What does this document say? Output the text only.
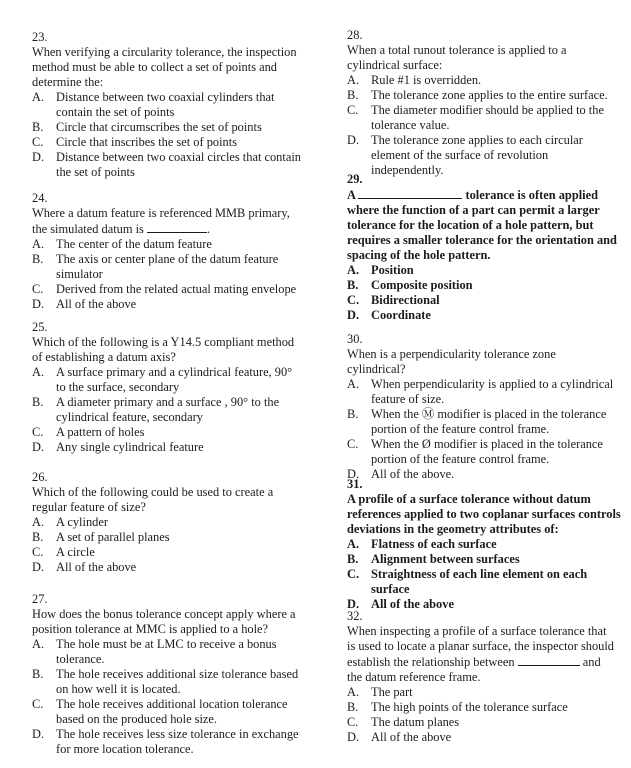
23.
When verifying a circularity tolerance, the inspection method must be able to collect a set of points and determine the:
A. Distance between two coaxial cylinders that contain the set of points
B. Circle that circumscribes the set of points
C. Circle that inscribes the set of points
D. Distance between two coaxial circles that contain the set of points
24.
Where a datum feature is referenced MMB primary, the simulated datum is	.
A. The center of the datum feature
B. The axis or center plane of the datum feature simulator
C. Derived from the related actual mating envelope
D. All of the above
25.
Which of the following is a Y14.5 compliant method of establishing a datum axis?
A. A surface primary and a cylindrical feature, 90° to the surface, secondary
B. A diameter primary and a surface , 90° to the cylindrical feature, secondary
C. A pattern of holes
D. Any single cylindrical feature
26.
Which of the following could be used to create a regular feature of size?
A. A cylinder
B. A set of parallel planes
C. A circle
D. All of the above
27.
How does the bonus tolerance concept apply where a position tolerance at MMC is applied to a hole?
A. The hole must be at LMC to receive a bonus tolerance.
B. The hole receives additional size tolerance based on how well it is located.
C. The hole receives additional location tolerance based on the produced hole size.
D. The hole receives less size tolerance in exchange for more location tolerance.
28.
When a total runout tolerance is applied to a cylindrical surface:
A. Rule #1 is overridden.
B. The tolerance zone applies to the entire surface.
C. The diameter modifier should be applied to the tolerance value.
D. The tolerance zone applies to each circular element of the surface of revolution independently.
29.
A	tolerance is often applied where the function of a part can permit a larger tolerance for the location of a hole pattern, but requires a smaller tolerance for the orientation and spacing of the hole pattern.
A. Position
B. Composite position
C. Bidirectional
D. Coordinate
30.
When is a perpendicularity tolerance zone cylindrical?
A. When perpendicularity is applied to a cylindrical feature of size.
B. When the Ⓜ modifier is placed in the tolerance portion of the feature control frame.
C. When the Ø modifier is placed in the tolerance portion of the feature control frame.
D. All of the above.
31.
A profile of a surface tolerance without datum references applied to two coplanar surfaces controls deviations in the geometry attributes of:
A. Flatness of each surface
B. Alignment between surfaces
C. Straightness of each line element on each surface
D. All of the above
32.
When inspecting a profile of a surface tolerance that is used to locate a planar surface, the inspector should establish the relationship between	and the datum reference frame.
A. The part
B. The high points of the tolerance surface
C. The datum planes
D. All of the above
